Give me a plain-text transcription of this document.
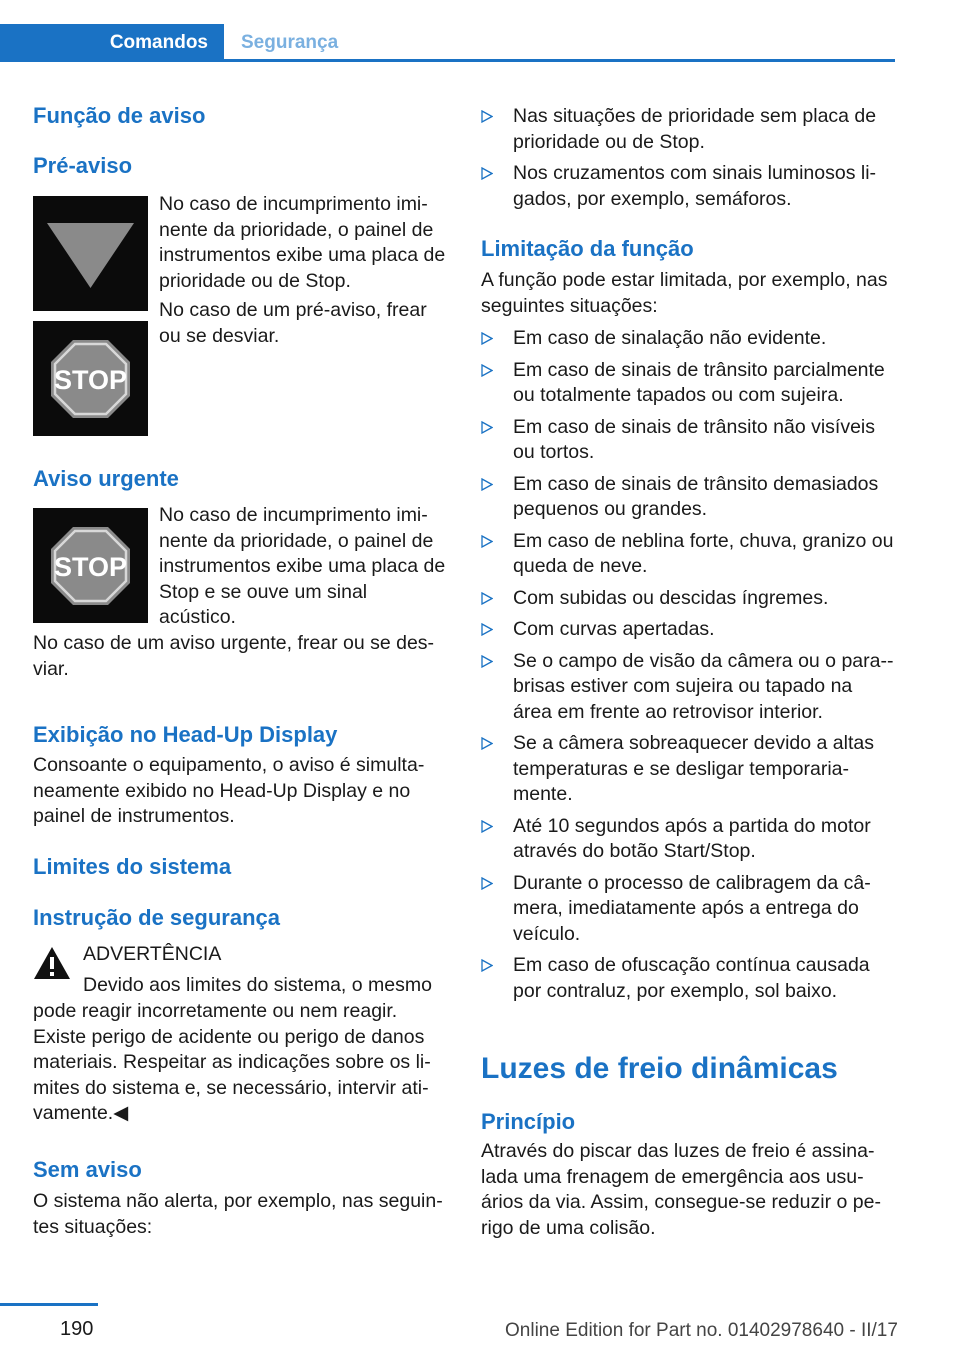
Comandos	Segurança
Função de aviso
Pré-aviso

No caso de incumprimento imi-nente da prioridade, o painel de instrumentos exibe uma placa de prioridade ou de Stop.

No caso de um pré-aviso, frear ou se desviar.

STOP
Aviso urgente
STOP

No caso de incumprimento imi-nente da prioridade, o painel de instrumentos exibe uma placa de Stop e se ouve um sinal acústico.

No caso de um aviso urgente, frear ou se des-viar.

Exibição no Head-Up Display

Consoante o equipamento, o aviso é simulta-neamente exibido no Head-Up Display e no painel de instrumentos.

Limites do sistema
Instrução de segurança

ADVERTÊNCIA

Devido aos limites do sistema, o mesmo

pode reagir incorretamente ou nem reagir. Existe perigo de acidente ou perigo de danos materiais. Respeitar as indicações sobre os li-mites do sistema e, se necessário, intervir ati-vamente.◀

Sem aviso

O sistema não alerta, por exemplo, nas seguin-tes situações:

Nas situações de prioridade sem placa de prioridade ou de Stop.
Nos cruzamentos com sinais luminosos li-gados, por exemplo, semáforos.
Limitação da função

A função pode estar limitada, por exemplo, nas seguintes situações:

Em caso de sinalação não evidente.
Em caso de sinais de trânsito parcialmente ou totalmente tapados ou com sujeira.
Em caso de sinais de trânsito não visíveis ou tortos.
Em caso de sinais de trânsito demasiados pequenos ou grandes.
Em caso de neblina forte, chuva, granizo ou queda de neve.
Com subidas ou descidas íngremes.
Com curvas apertadas.
Se o campo de visão da câmera ou o para--brisas estiver com sujeira ou tapado na área em frente ao retrovisor interior.
Se a câmera sobreaquecer devido a altas temperaturas e se desligar temporaria-mente.
Até 10 segundos após a partida do motor através do botão Start/Stop.
Durante o processo de calibragem da câ-mera, imediatamente após a entrega do veículo.
Em caso de ofuscação contínua causada por contraluz, por exemplo, sol baixo.
Luzes de freio dinâmicas
Princípio

Através do piscar das luzes de freio é assina-lada uma frenagem de emergência aos usu-ários da via. Assim, consegue-se reduzir o pe-rigo de uma colisão.

190	Online Edition for Part no. 01402978640 - II/17
